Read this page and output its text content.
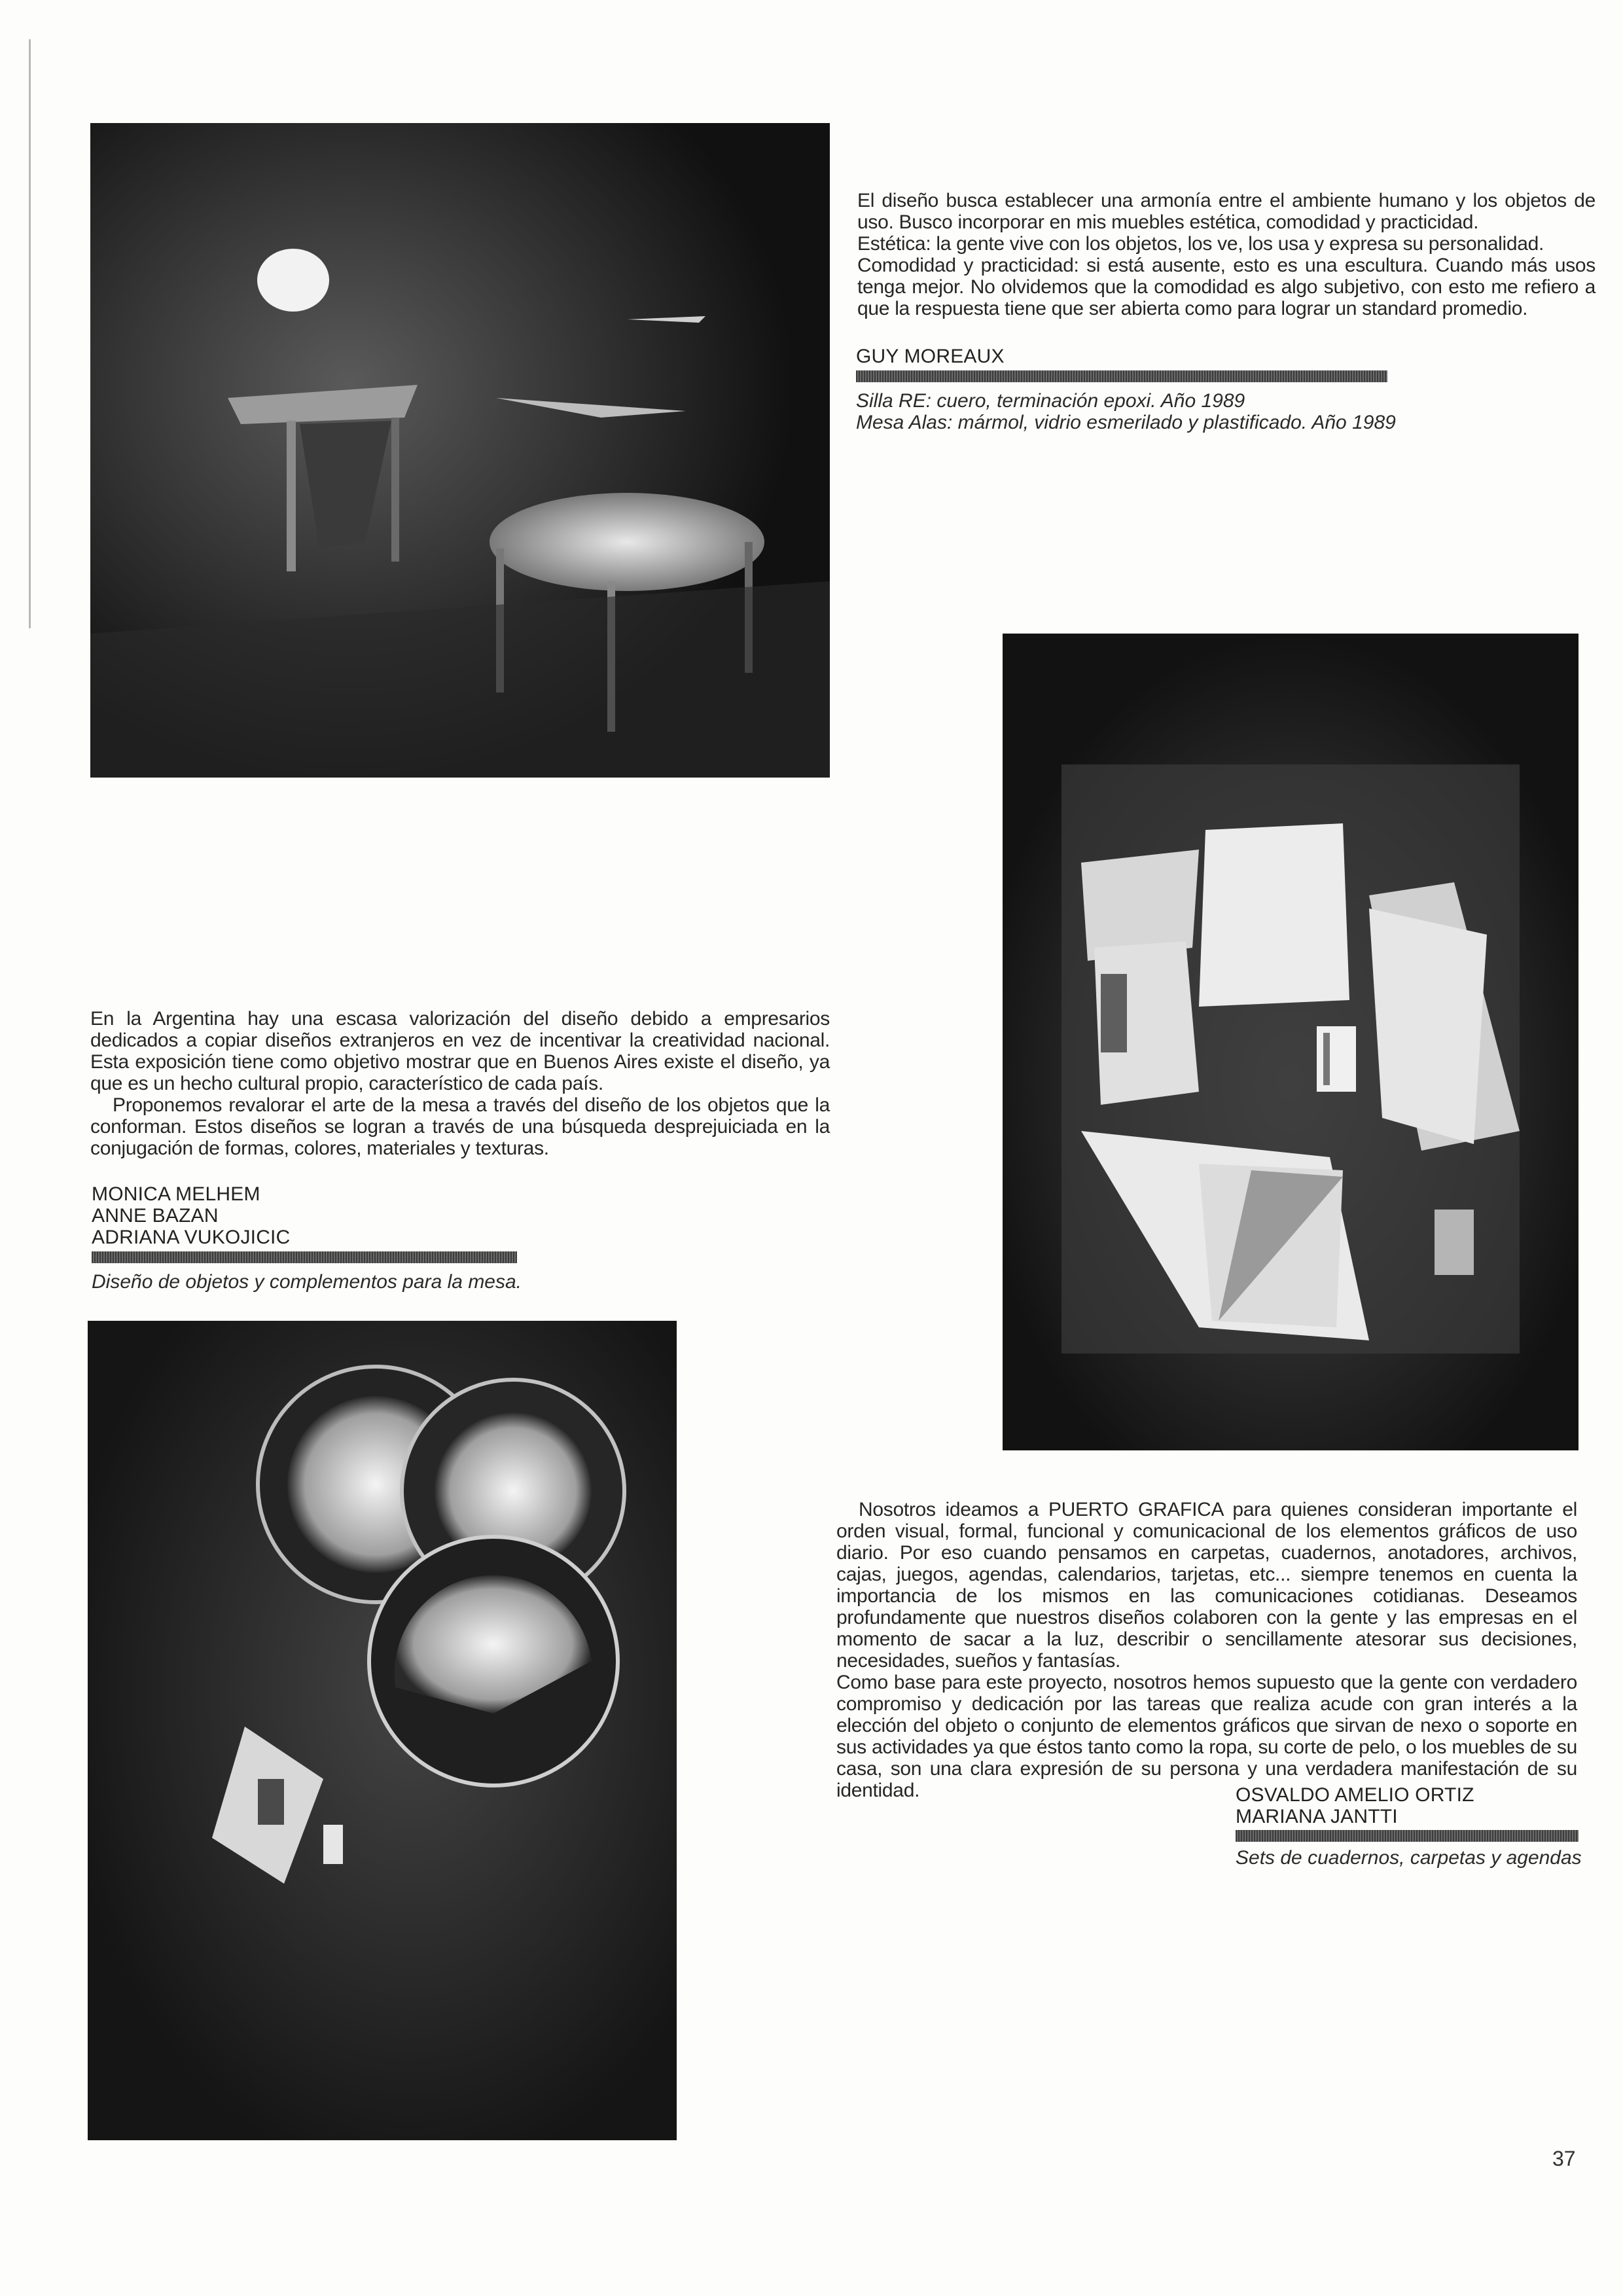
El diseño busca establecer una armonía entre el ambiente humano y los objetos de uso. Busco incorporar en mis muebles estética, comodidad y practicidad.

Estética: la gente vive con los objetos, los ve, los usa y expresa su personalidad.

Comodidad y practicidad: si está ausente, esto es una escultura. Cuando más usos tenga mejor. No olvidemos que la comodidad es algo subjetivo, con esto me refiero a que la respuesta tiene que ser abierta como para lograr un standard promedio.

GUY MOREAUX
Silla RE: cuero, terminación epoxi. Año 1989
Mesa Alas: mármol, vidrio esmerilado y plastificado. Año 1989

En la Argentina hay una escasa valorización del diseño debido a empresarios dedicados a copiar diseños extranjeros en vez de incentivar la creatividad nacional. Esta exposición tiene como objetivo mostrar que en Buenos Aires existe el diseño, ya que es un hecho cultural propio, característico de cada país.

Proponemos revalorar el arte de la mesa a través del diseño de los objetos que la conforman. Estos diseños se logran a través de una búsqueda desprejuiciada en la conjugación de formas, colores, materiales y texturas.

MONICA MELHEM
ANNE BAZAN
ADRIANA VUKOJICIC
Diseño de objetos y complementos para la mesa.

Nosotros ideamos a PUERTO GRAFICA para quienes consideran importante el orden visual, formal, funcional y comunicacional de los elementos gráficos de uso diario. Por eso cuando pensamos en carpetas, cuadernos, anotadores, archivos, cajas, juegos, agendas, calendarios, tarjetas, etc... siempre tenemos en cuenta la importancia de los mismos en las comunicaciones cotidianas. Deseamos profundamente que nuestros diseños colaboren con la gente y las empresas en el momento de sacar a la luz, describir o sencillamente atesorar sus decisiones, necesidades, sueños y fantasías.

Como base para este proyecto, nosotros hemos supuesto que la gente con verdadero compromiso y dedicación por las tareas que realiza acude con gran interés a la elección del objeto o conjunto de elementos gráficos que sirvan de nexo o soporte en sus actividades ya que éstos tanto como la ropa, su corte de pelo, o los muebles de su casa, son una clara expresión de su persona y una verdadera manifestación de su identidad.	OSVALDO AMELIO ORTIZ
MARIANA JANTTI
Sets de cuadernos, carpetas y agendas
37
